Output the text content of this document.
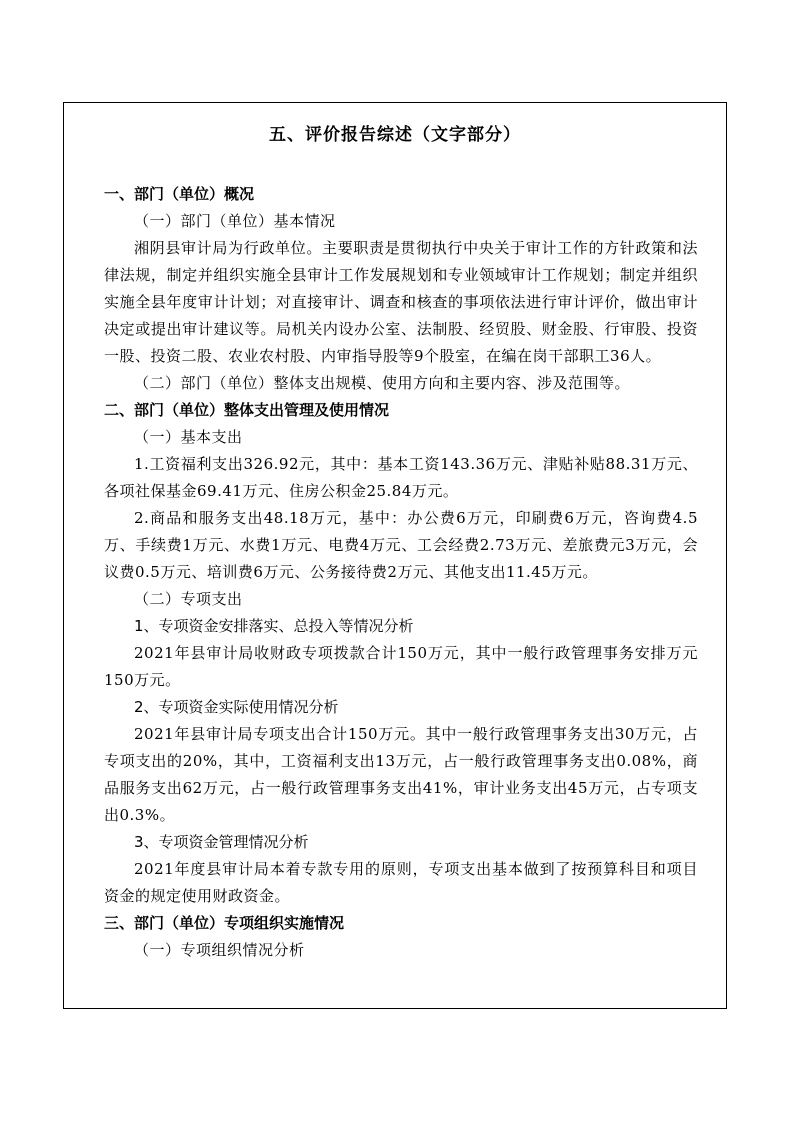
五、评价报告综述（文字部分）

一、部门（单位）概况

（一）部门（单位）基本情况

湘阴县审计局为行政单位。主要职责是贯彻执行中央关于审计工作的方针政策和法律法规，制定并组织实施全县审计工作发展规划和专业领域审计工作规划；制定并组织实施全县年度审计计划；对直接审计、调查和核查的事项依法进行审计评价，做出审计决定或提出审计建议等。局机关内设办公室、法制股、经贸股、财金股、行审股、投资一股、投资二股、农业农村股、内审指导股等9个股室，在编在岗干部职工36人。

（二）部门（单位）整体支出规模、使用方向和主要内容、涉及范围等。

二、部门（单位）整体支出管理及使用情况

（一）基本支出

1.工资福利支出326.92元，其中：基本工资143.36万元、津贴补贴88.31万元、各项社保基金69.41万元、住房公积金25.84万元。

2.商品和服务支出48.18万元，基中：办公费6万元，印刷费6万元，咨询费4.5万、手续费1万元、水费1万元、电费4万元、工会经费2.73万元、差旅费元3万元，会议费0.5万元、培训费6万元、公务接待费2万元、其他支出11.45万元。

（二）专项支出

1、专项资金安排落实、总投入等情况分析

2021年县审计局收财政专项拨款合计150万元，其中一般行政管理事务安排万元150万元。

2、专项资金实际使用情况分析

2021年县审计局专项支出合计150万元。其中一般行政管理事务支出30万元，占专项支出的20%，其中，工资福利支出13万元，占一般行政管理事务支出0.08%，商品服务支出62万元，占一般行政管理事务支出41%，审计业务支出45万元，占专项支出0.3%。

3、专项资金管理情况分析

2021年度县审计局本着专款专用的原则，专项支出基本做到了按预算科目和项目资金的规定使用财政资金。

三、部门（单位）专项组织实施情况

（一）专项组织情况分析
